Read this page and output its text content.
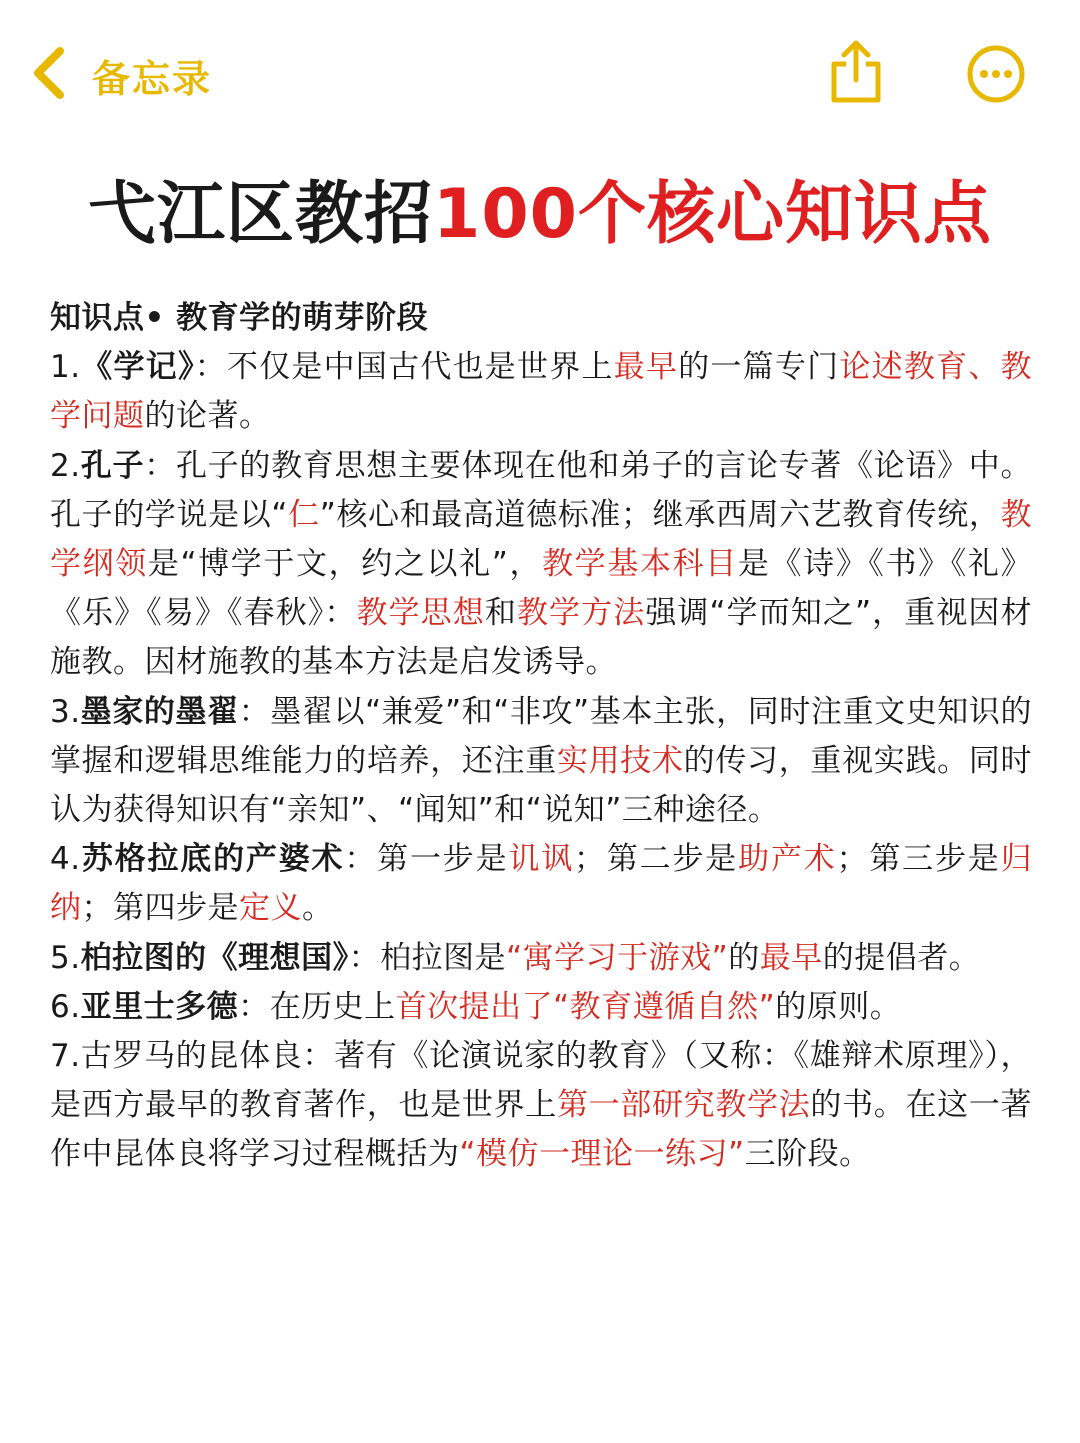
备忘录
弋江区教招100个核心知识点

知识点• 教育学的萌芽阶段

1.《学记》：不仅是中国古代也是世界上最早的一篇专门论述教育、教学问题的论著。

2.孔子：孔子的教育思想主要体现在他和弟子的言论专著《论语》中。孔子的学说是以“仁”核心和最高道德标准；继承西周六艺教育传统，教学纲领是“博学于文，约之以礼”，教学基本科目是《诗》《书》《礼》《乐》《易》《春秋》：教学思想和教学方法强调“学而知之”，重视因材施教。因材施教的基本方法是启发诱导。

3.墨家的墨翟：墨翟以“兼爱”和“非攻”基本主张，同时注重文史知识的掌握和逻辑思维能力的培养，还注重实用技术的传习，重视实践。同时认为获得知识有“亲知”、“闻知”和“说知”三种途径。

4.苏格拉底的产婆术：第一步是讥讽；第二步是助产术；第三步是归纳；第四步是定义。

5.柏拉图的《理想国》：柏拉图是“寓学习于游戏”的最早的提倡者。

6.亚里士多德：在历史上首次提出了“教育遵循自然”的原则。

7.古罗马的昆体良：著有《论演说家的教育》（又称：《雄辩术原理》），是西方最早的教育著作，也是世界上第一部研究教学法的书。在这一著作中昆体良将学习过程概括为“模仿一理论一练习”三阶段。
